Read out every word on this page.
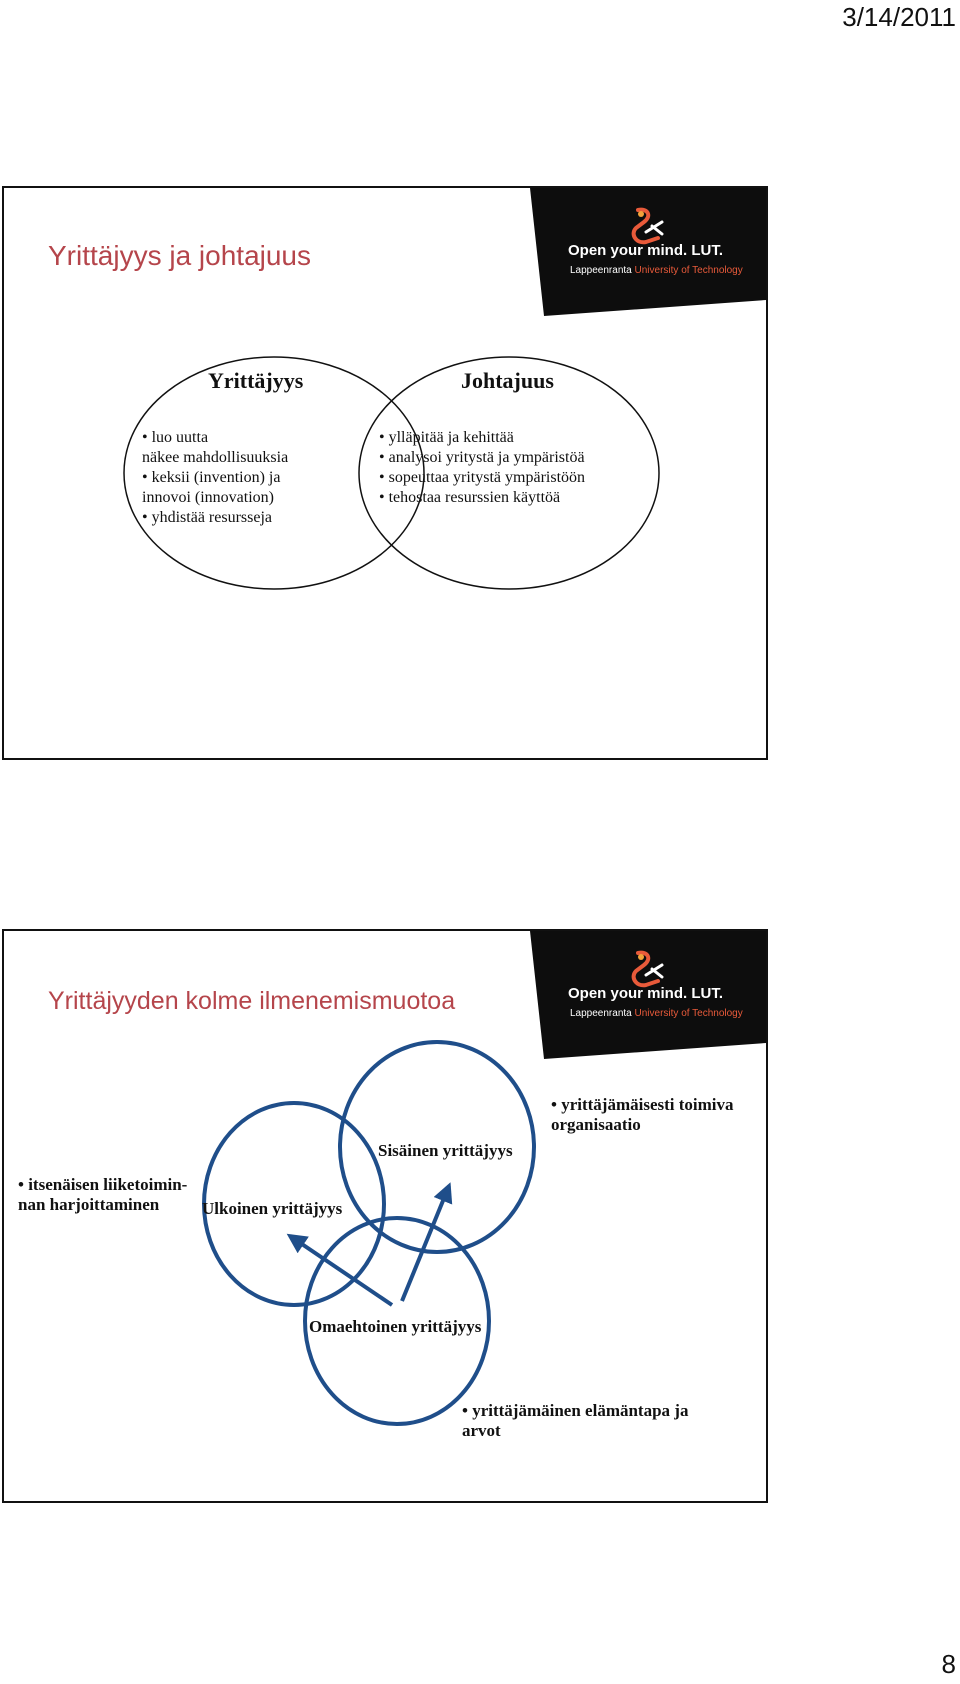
3/14/2011
Yrittäjyys ja johtajuus	Open your mind. LUT.
Lappeenranta University of Technology
Yrittäjyys
• luo uutta
näkee mahdollisuuksia
• keksii (invention) ja
innovoi (innovation)
• yhdistää resursseja
Johtajuus
• ylläpitää ja kehittää
• analysoi yritystä ja ympäristöä
• sopeuttaa yritystä ympäristöön
• tehostaa resurssien käyttöä
Yrittäjyyden kolme ilmenemismuotoa	Open your mind. LUT.
Lappeenranta University of Technology
Sisäinen yrittäjyys
Ulkoinen yrittäjyys
Omaehtoinen yrittäjyys
• yrittäjämäisesti toimiva
organisaatio
• itsenäisen liiketoimin-
nan harjoittaminen
• yrittäjämäinen elämäntapa ja
arvot
8
